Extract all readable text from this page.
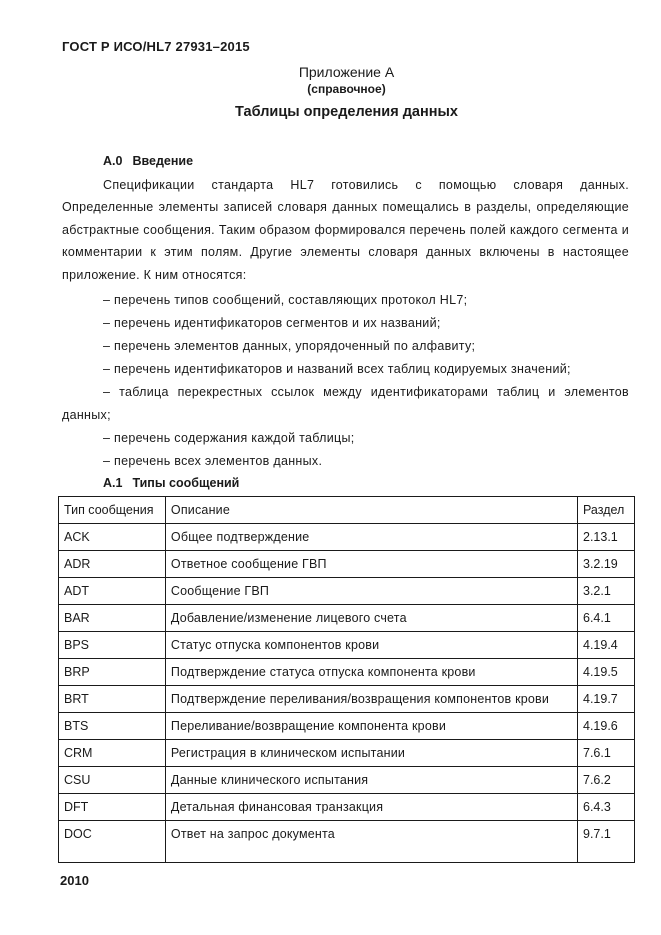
ГОСТ Р ИСО/HL7 27931–2015
Приложение А
(справочное)
Таблицы определения данных
А.0 Введение
Спецификации стандарта HL7 готовились с помощью словаря данных. Определенные элементы записей словаря данных помещались в разделы, определяющие абстрактные сообщения. Таким образом формировался перечень полей каждого сегмента и комментарии к этим полям. Другие элементы словаря данных включены в настоящее приложение. К ним относятся:
– перечень типов сообщений, составляющих протокол HL7;
– перечень идентификаторов сегментов и их названий;
– перечень элементов данных, упорядоченный по алфавиту;
– перечень идентификаторов и названий всех таблиц кодируемых значений;
– таблица перекрестных ссылок между идентификаторами таблиц и элементов данных;
– перечень содержания каждой таблицы;
– перечень всех элементов данных.
А.1 Типы сообщений
Тип сообщения	Описание	Раздел
ACK	Общее подтверждение	2.13.1
ADR	Ответное сообщение ГВП	3.2.19
ADT	Сообщение ГВП	3.2.1
BAR	Добавление/изменение лицевого счета	6.4.1
BPS	Статус отпуска компонентов крови	4.19.4
BRP	Подтверждение статуса отпуска компонента крови	4.19.5
BRT	Подтверждение переливания/возвращения компонентов крови	4.19.7
BTS	Переливание/возвращение компонента крови	4.19.6
CRM	Регистрация в клиническом испытании	7.6.1
CSU	Данные клинического испытания	7.6.2
DFT	Детальная финансовая транзакция	6.4.3
DOC	Ответ на запрос документа	9.7.1
2010
